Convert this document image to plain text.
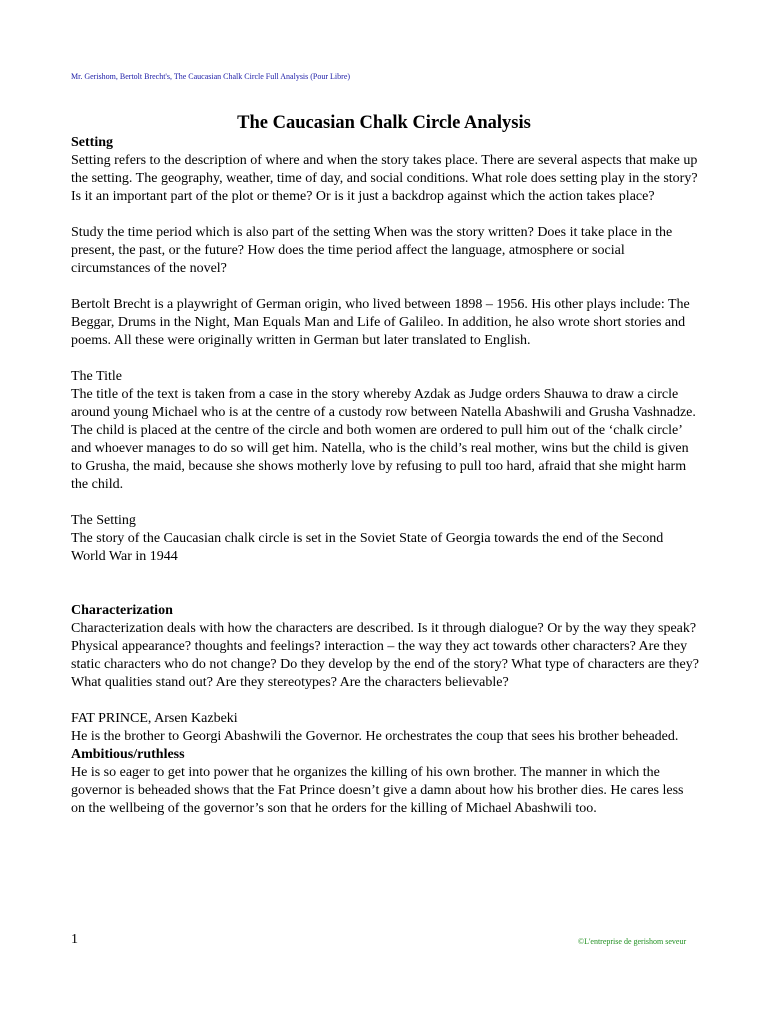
Mr. Gerishom, Bertolt Brecht's, The Caucasian Chalk Circle Full Analysis (Pour Libre)
The Caucasian Chalk Circle Analysis

Setting

Setting refers to the description of where and when the story takes place. There are several aspects that make up the setting. The geography, weather, time of day, and social conditions. What role does setting play in the story? Is it an important part of the plot or theme? Or is it just a backdrop against which the action takes place?

Study the time period which is also part of the setting When was the story written? Does it take place in the present, the past, or the future? How does the time period affect the language, atmosphere or social circumstances of the novel?

Bertolt Brecht is a playwright of German origin, who lived between 1898 – 1956. His other plays include: The Beggar, Drums in the Night, Man Equals Man and Life of Galileo. In addition, he also wrote short stories and poems. All these were originally written in German but later translated to English.

The Title

The title of the text is taken from a case in the story whereby Azdak as Judge orders Shauwa to draw a circle around young Michael who is at the centre of a custody row between Natella Abashwili and Grusha Vashnadze. The child is placed at the centre of the circle and both women are ordered to pull him out of the ‘chalk circle’ and whoever manages to do so will get him. Natella, who is the child’s real mother, wins but the child is given to Grusha, the maid, because she shows motherly love by refusing to pull too hard, afraid that she might harm the child.

The Setting

The story of the Caucasian chalk circle is set in the Soviet State of Georgia towards the end of the Second World War in 1944

Characterization

Characterization deals with how the characters are described. Is it through dialogue? Or by the way they speak? Physical appearance? thoughts and feelings? interaction – the way they act towards other characters? Are they static characters who do not change? Do they develop by the end of the story? What type of characters are they? What qualities stand out? Are they stereotypes? Are the characters believable?

FAT PRINCE, Arsen Kazbeki

He is the brother to Georgi Abashwili the Governor. He orchestrates the coup that sees his brother beheaded.

Ambitious/ruthless

He is so eager to get into power that he organizes the killing of his own brother. The manner in which the governor is beheaded shows that the Fat Prince doesn’t give a damn about how his brother dies. He cares less on the wellbeing of the governor’s son that he orders for the killing of Michael Abashwili too.

1	©L'entreprise de gerishom seveur
